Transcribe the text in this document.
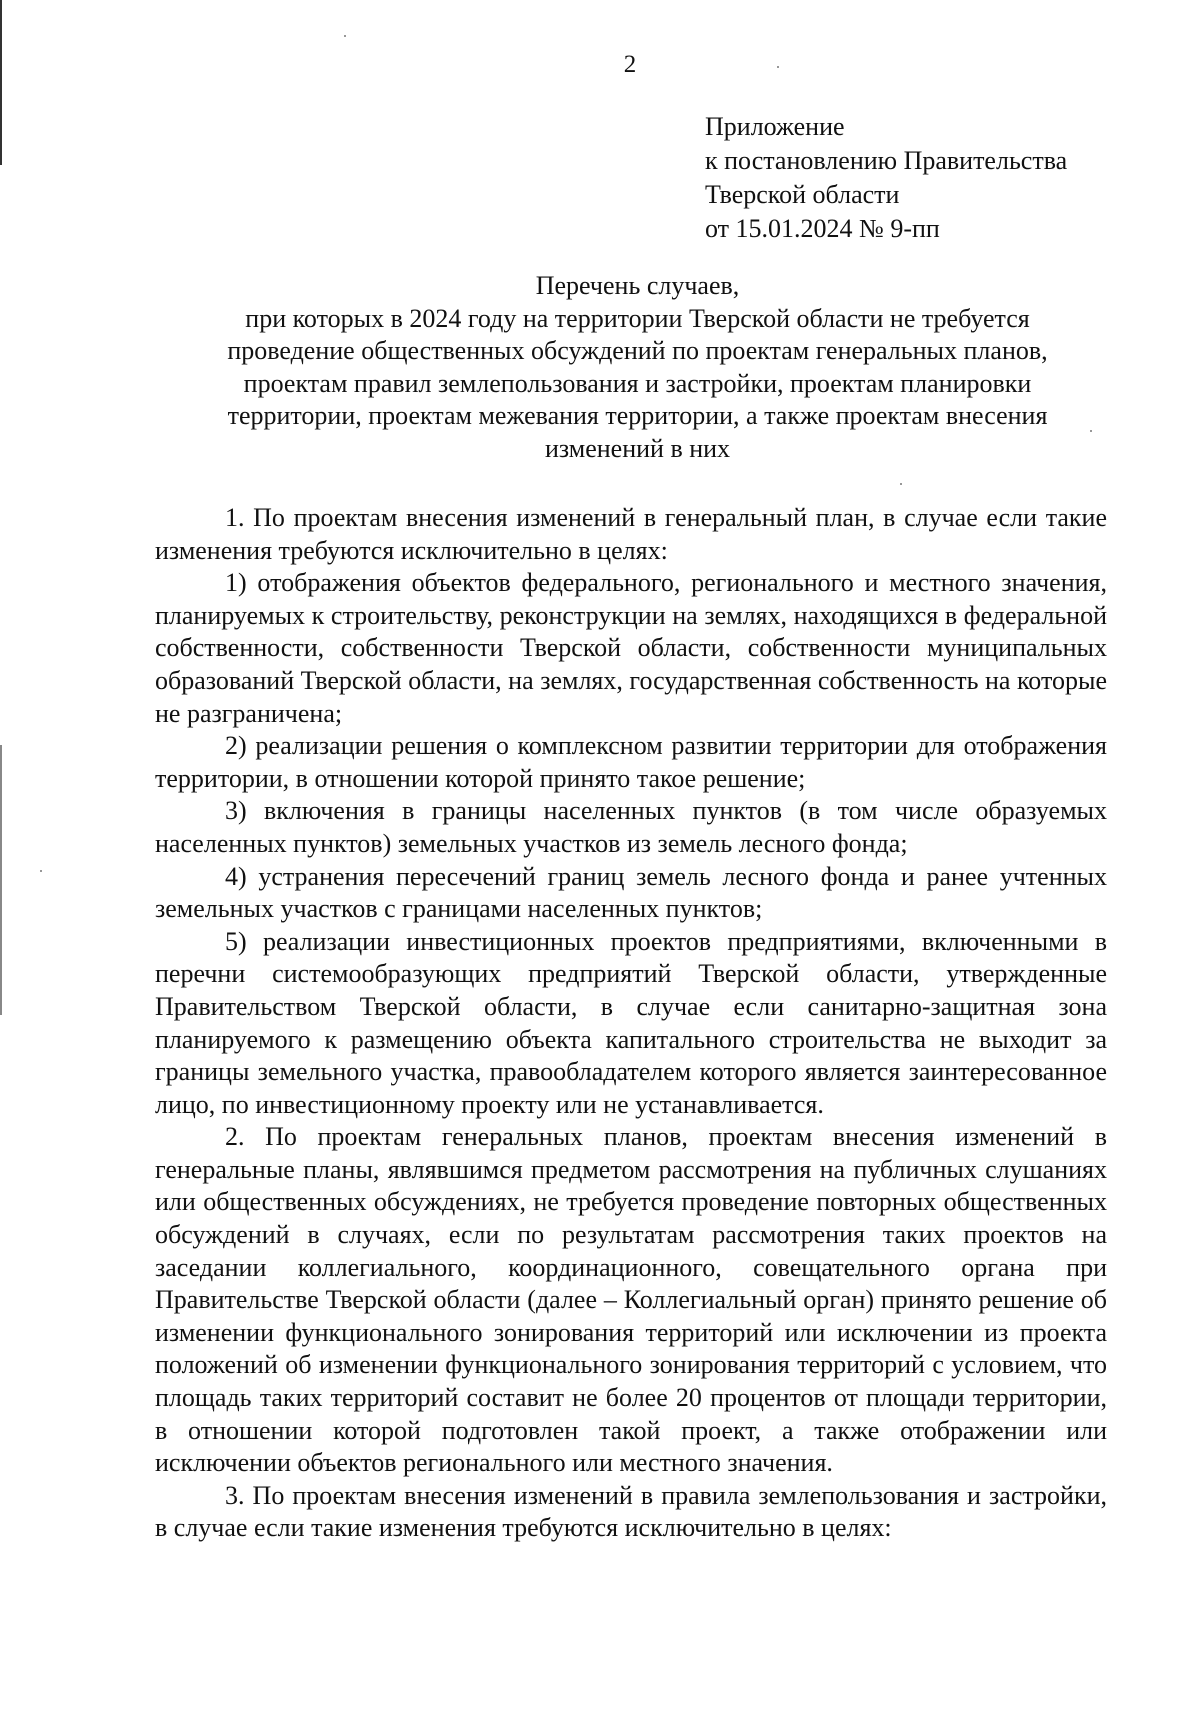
2
Приложение
к постановлению Правительства
Тверской области
от 15.01.2024 № 9-пп
Перечень случаев,
при которых в 2024 году на территории Тверской области не требуется
проведение общественных обсуждений по проектам генеральных планов,
проектам правил землепользования и застройки, проектам планировки
территории, проектам межевания территории, а также проектам внесения
изменений в них

1. По проектам внесения изменений в генеральный план, в случае если такие изменения требуются исключительно в целях:

1) отображения объектов федерального, регионального и местного значения, планируемых к строительству, реконструкции на землях, находящихся в федеральной собственности, собственности Тверской области, собственности муниципальных образований Тверской области, на землях, государственная собственность на которые не разграничена;

2) реализации решения о комплексном развитии территории для отображения территории, в отношении которой принято такое решение;

3) включения в границы населенных пунктов (в том числе образуемых населенных пунктов) земельных участков из земель лесного фонда;

4) устранения пересечений границ земель лесного фонда и ранее учтенных земельных участков с границами населенных пунктов;

5) реализации инвестиционных проектов предприятиями, включенными в перечни системообразующих предприятий Тверской области, утвержденные Правительством Тверской области, в случае если санитарно-защитная зона планируемого к размещению объекта капитального строительства не выходит за границы земельного участка, правообладателем которого является заинтересованное лицо, по инвестиционному проекту или не устанавливается.

2. По проектам генеральных планов, проектам внесения изменений в генеральные планы, являвшимся предметом рассмотрения на публичных слушаниях или общественных обсуждениях, не требуется проведение повторных общественных обсуждений в случаях, если по результатам рассмотрения таких проектов на заседании коллегиального, координационного, совещательного органа при Правительстве Тверской области (далее – Коллегиальный орган) принято решение об изменении функционального зонирования территорий или исключении из проекта положений об изменении функционального зонирования территорий с условием, что площадь таких территорий составит не более 20 процентов от площади территории, в отношении которой подготовлен такой проект, а также отображении или исключении объектов регионального или местного значения.

3. По проектам внесения изменений в правила землепользования и застройки, в случае если такие изменения требуются исключительно в целях:
